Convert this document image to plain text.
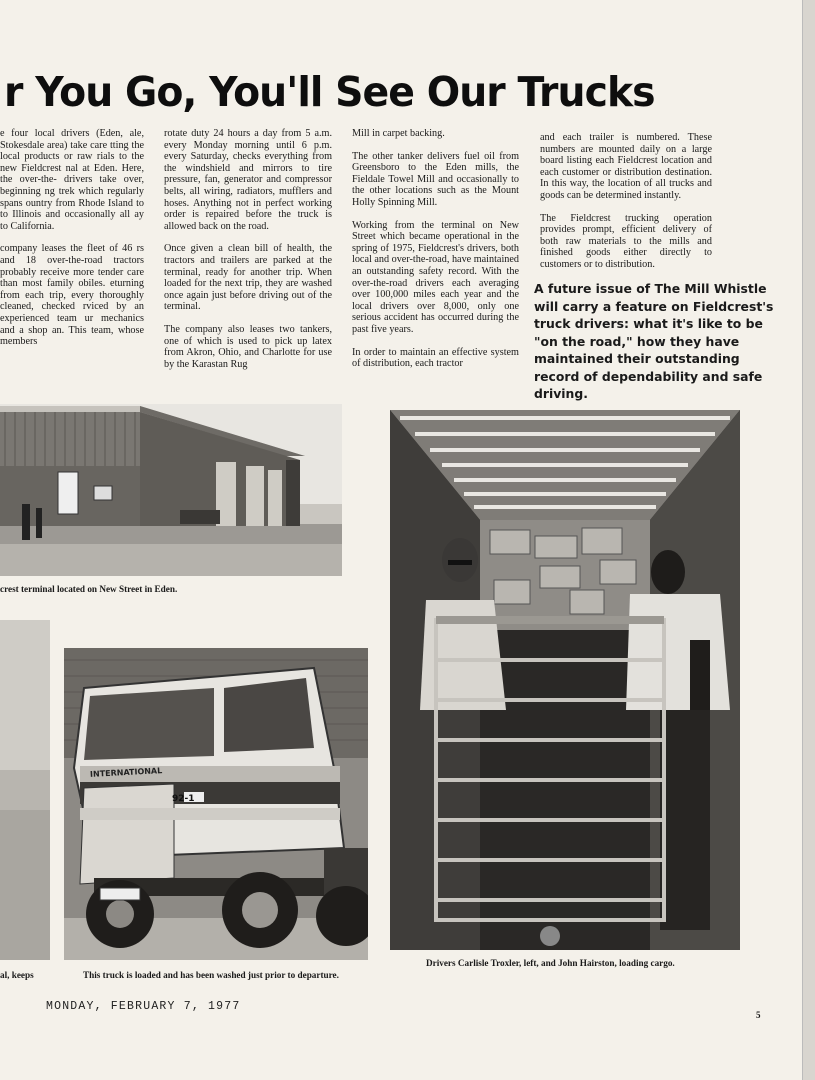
r You Go, You'll See Our Trucks

e four local drivers (Eden, ale, Stokesdale area) take care tting the local products or raw rials to the new Fieldcrest nal at Eden. Here, the over-the- drivers take over, beginning ng trek which regularly spans ountry from Rhode Island to to Illinois and occasionally all ay to California.

company leases the fleet of 46 rs and 18 over-the-road tractors probably receive more tender care than most family obiles. eturning from each trip, every thoroughly cleaned, checked rviced by an experienced team ur mechanics and a shop an. This team, whose members

rotate duty 24 hours a day from 5 a.m. every Monday morning until 6 p.m. every Saturday, checks everything from the windshield and mirrors to tire pressure, fan, generator and compressor belts, all wiring, radiators, mufflers and hoses. Anything not in perfect working order is repaired before the truck is allowed back on the road.

Once given a clean bill of health, the tractors and trailers are parked at the terminal, ready for another trip. When loaded for the next trip, they are washed once again just before driving out of the terminal.

The company also leases two tankers, one of which is used to pick up latex from Akron, Ohio, and Charlotte for use by the Karastan Rug

Mill in carpet backing.

The other tanker delivers fuel oil from Greensboro to the Eden mills, the Fieldale Towel Mill and occasionally to the other locations such as the Mount Holly Spinning Mill.

Working from the terminal on New Street which became operational in the spring of 1975, Fieldcrest's drivers, both local and over-the-road, have maintained an outstanding safety record. With the over-the-road drivers each averaging over 100,000 miles each year and the local drivers over 8,000, only one serious accident has occurred during the past five years.

In order to maintain an effective system of distribution, each tractor

and each trailer is numbered. These numbers are mounted daily on a large board listing each Fieldcrest location and each customer or distribution destination. In this way, the location of all trucks and goods can be determined instantly.

The Fieldcrest trucking operation provides prompt, efficient delivery of both raw materials to the mills and finished goods either directly to customers or to distribution.

A future issue of The Mill Whistle will carry a feature on Fieldcrest's truck drivers: what it's like to be "on the road," how they have maintained their outstanding record of dependability and safe driving.
crest terminal located on New Street in Eden.
al, keeps
INTERNATIONAL
92-1
This truck is loaded and has been washed just prior to departure.
Drivers Carlisle Troxler, left, and John Hairston, loading cargo.
MONDAY, FEBRUARY 7, 1977
5
